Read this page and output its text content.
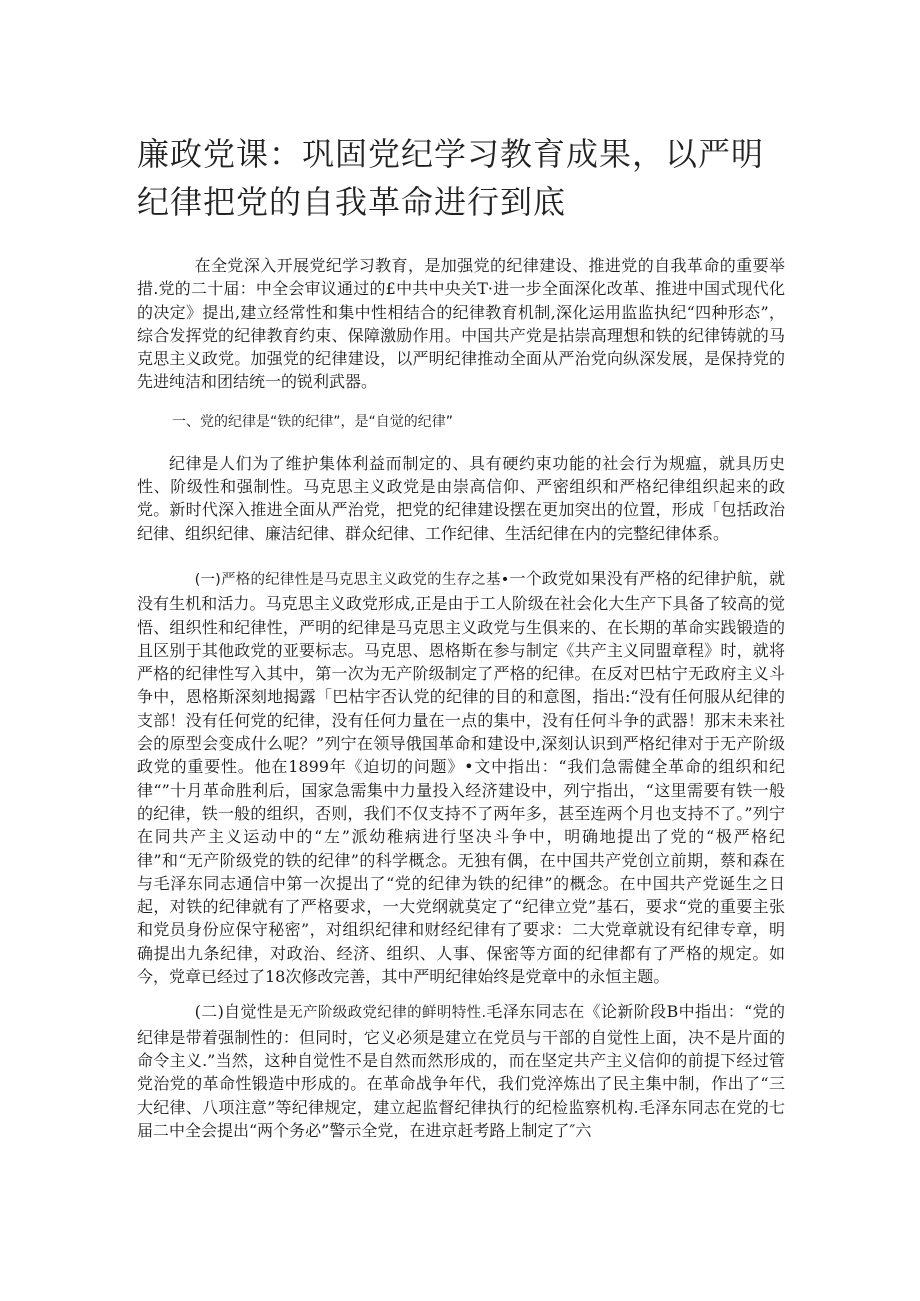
廉政党课：巩固党纪学习教育成果，以严明纪律把党的自我革命进行到底

在全党深入开展党纪学习教育，是加强党的纪律建设、推进党的自我革命的重要举措.党的二十届：中全会审议通过的£中共中央关T·进一步全面深化改革、推进中国式现代化的决定》提出,建立经常性和集中性相结合的纪律教育机制,深化运用监监执纪“四种形态”，综合发挥党的纪律教育约束、保障激励作用。中国共产党是拈崇高理想和铁的纪律铸就的马克思主义政党。加强党的纪律建设，以严明纪律推动全面从严治党向纵深发展，是保持党的先进纯洁和团结统一的锐利武器。

一、党的纪律是“铁的纪律”，是“自觉的纪律”

纪律是人们为了维护集体利益而制定的、具有硬约束功能的社会行为规瘟，就具历史性、阶级性和强制性。马克思主义政党是由崇高信仰、严密组织和严格纪律组织起来的政党。新时代深入推进全面从严治党，把党的纪律建设摆在更加突出的位置，形成「包括政治纪律、组织纪律、廉洁纪律、群众纪律、工作纪律、生活纪律在内的完整纪律体系。

(一)严格的纪律性是马克思主义政党的生存之基•一个政党如果没有严格的纪律护航，就没有生机和活力。马克思主义政党形成,正是由于工人阶级在社会化大生产下具备了较高的觉悟、组织性和纪律性，严明的纪律是马克思主义政党与生俱来的、在长期的革命实践锻造的且区别于其他政党的亚要标志。马克思、恩格斯在参与制定《共产主义同盟章程》时，就将严格的纪律性写入其中，第一次为无产阶级制定了严格的纪律。在反对巴枯宁无政府主义斗争中，恩格斯深刻地揭露「巴枯宇否认党的纪律的目的和意图，指出:“没有任何服从纪律的支部！没有任何党的纪律，没有任何力量在一点的集中，没有任何斗争的武器！那末未来社会的原型会变成什么呢？”列宁在领导俄国革命和建设中,深刻认识到严格纪律对于无产阶级政党的重要性。他在1899年《迫切的问题》•文中指出：“我们急需健全革命的组织和纪律“”十月革命胜利后，国家急需集中力量投入经济建设中，列宁指出，“这里需要有铁一般的纪律，铁一般的组织，否则，我们不仅支持不了两年多，甚至连两个月也支持不了。”列宁在同共产主义运动中的“左”派幼稚病进行坚决斗争中，明确地提出了党的“极严格纪律”和“无产阶级党的铁的纪律”的科学概念。无独有偶，在中国共产党创立前期，蔡和森在与毛泽东同志通信中第一次提出了“党的纪律为铁的纪律”的概念。在中国共产党诞生之日起，对铁的纪律就有了严格要求，一大党纲就莫定了“纪律立党”基石，要求“党的重要主张和党员身份应保守秘密”，对组织纪律和财经纪律有了要求：二大党章就设有纪律专章，明确提出九条纪律，对政治、经济、组织、人事、保密等方面的纪律都有了严格的规定。如今，党章已经过了18次修改完善，其中严明纪律始终是党章中的永恒主题。

(二)自觉性是无产阶级政党纪律的鲜明特性.毛泽东同志在《论新阶段B中指出：“党的纪律是带着强制性的：但同时，它义必须是建立在党员与干部的自觉性上面，决不是片面的命令主义.”当然，这种自觉性不是自然而然形成的，而在坚定共产主义信仰的前提下经过管党治党的革命性锻造中形成的。在革命战争年代，我们党淬炼出了民主集中制，作出了“三大纪律、八项注意”等纪律规定，建立起监督纪律执行的纪检监察机构.毛泽东同志在党的七届二中全会提出“两个务必”警示全党，在进京赶考路上制定了″六
